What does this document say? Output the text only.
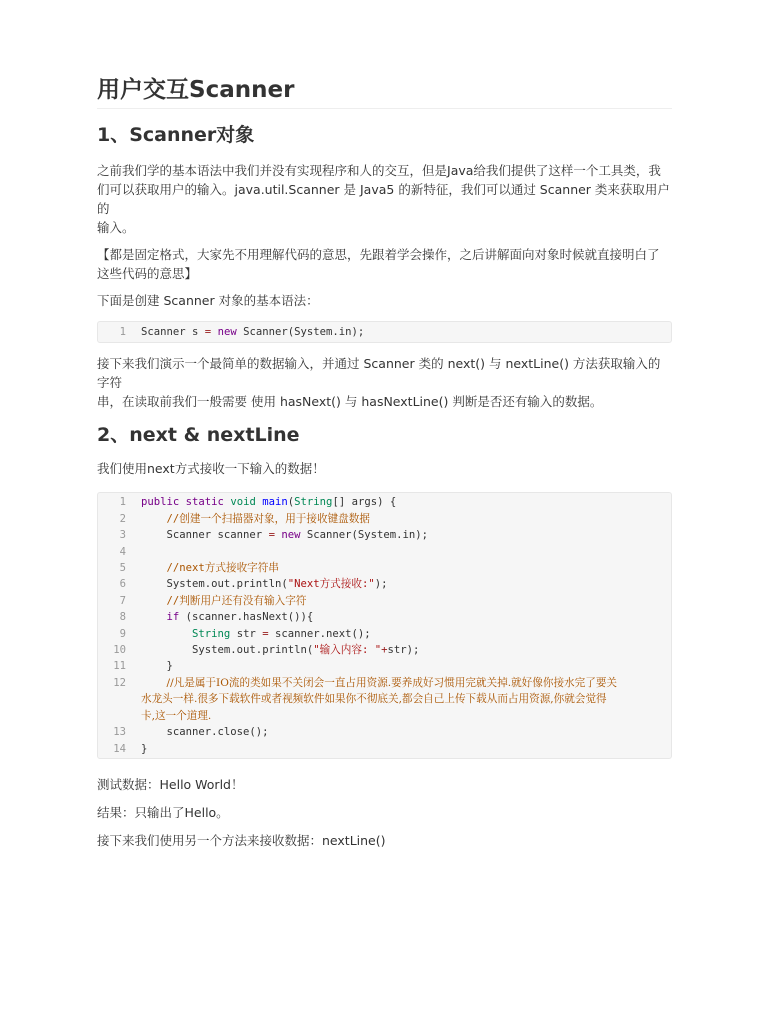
用户交互Scanner
1、Scanner对象

之前我们学的基本语法中我们并没有实现程序和人的交互，但是Java给我们提供了这样一个工具类，我

们可以获取用户的输入。java.util.Scanner 是 Java5 的新特征，我们可以通过 Scanner 类来获取用户的

输入。

【都是固定格式，大家先不用理解代码的意思，先跟着学会操作，之后讲解面向对象时候就直接明白了

这些代码的意思】

下面是创建 Scanner 对象的基本语法：

1	Scanner s = new Scanner(System.in);

接下来我们演示一个最简单的数据输入，并通过 Scanner 类的 next() 与 nextLine() 方法获取输入的字符

串，在读取前我们一般需要 使用 hasNext() 与 hasNextLine() 判断是否还有输入的数据。

2、next & nextLine

我们使用next方式接收一下输入的数据！

1	public static void main(String[] args) {
2	//创建一个扫描器对象，用于接收键盘数据
3	Scanner scanner = new Scanner(System.in);
4
5	//next方式接收字符串
6	System.out.println("Next方式接收:");
7	//判断用户还有没有输入字符
8	if (scanner.hasNext()){
9	String str = scanner.next();
10	System.out.println("输入内容: "+str);
11	}
12	//凡是属于IO流的类如果不关闭会一直占用资源.要养成好习惯用完就关掉.就好像你接水完了要关
水龙头一样.很多下载软件或者视频软件如果你不彻底关,都会自己上传下载从而占用资源,你就会觉得
卡,这一个道理.
13	scanner.close();
14	}

测试数据：Hello World！

结果：只输出了Hello。

接下来我们使用另一个方法来接收数据：nextLine()
